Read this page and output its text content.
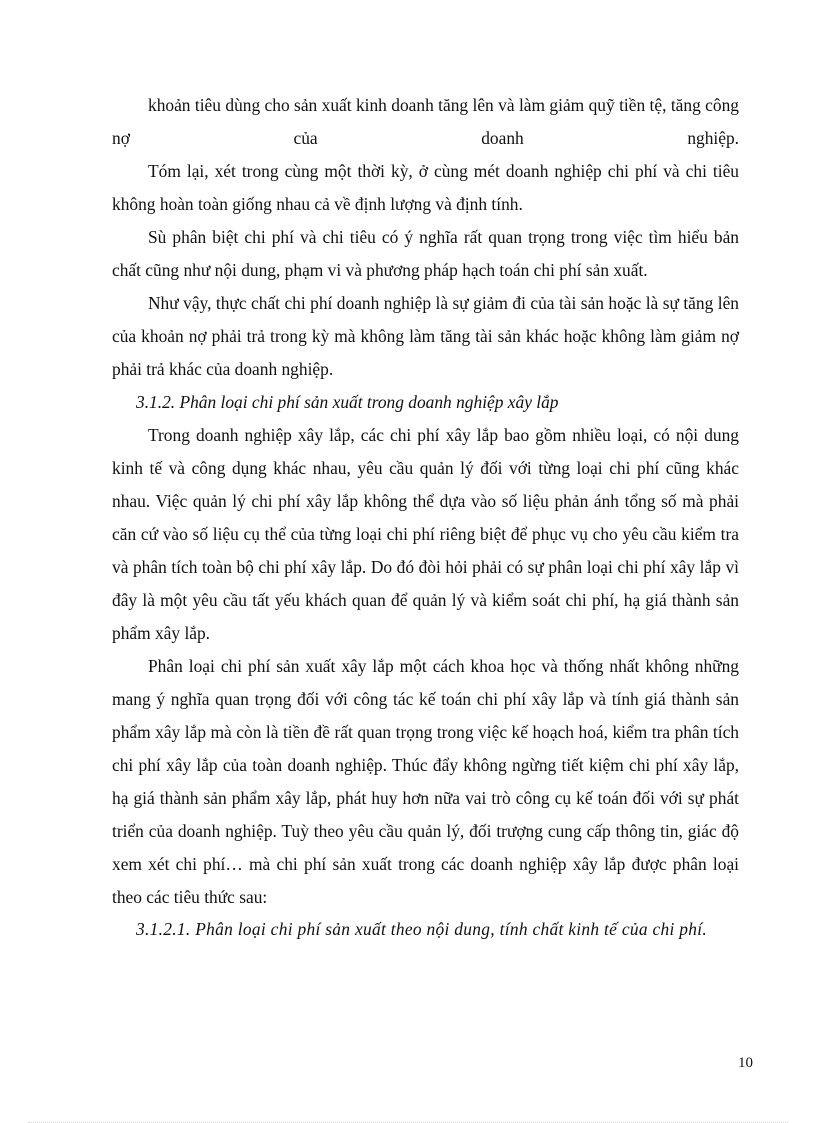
khoản tiêu dùng cho sản xuất kinh doanh tăng lên và làm giảm quỹ tiền tệ, tăng công nợ của doanh nghiệp.

Tóm lại, xét trong cùng một thời kỳ, ở cùng mét doanh nghiệp chi phí và chi tiêu không hoàn toàn giống nhau cả về định lượng và định tính.

Sù phân biệt chi phí và chi tiêu có ý nghĩa rất quan trọng trong việc tìm hiểu bản chất cũng như nội dung, phạm vi và phương pháp hạch toán chi phí sản xuất.

Như vậy, thực chất chi phí doanh nghiệp là sự giảm đi của tài sản hoặc là sự tăng lên của khoản nợ phải trả trong kỳ mà không làm tăng tài sản khác hoặc không làm giảm nợ phải trả khác của doanh nghiệp.

3.1.2. Phân loại chi phí sản xuất trong doanh nghiệp xây lắp

Trong doanh nghiệp xây lắp, các chi phí xây lắp bao gồm nhiều loại, có nội dung kinh tế và công dụng khác nhau, yêu cầu quản lý đối với từng loại chi phí cũng khác nhau. Việc quản lý chi phí xây lắp không thể dựa vào số liệu phản ánh tổng số mà phải căn cứ vào số liệu cụ thể của từng loại chi phí riêng biệt để phục vụ cho yêu cầu kiểm tra và phân tích toàn bộ chi phí xây lắp. Do đó đòi hỏi phải có sự phân loại chi phí xây lắp vì đây là một yêu cầu tất yếu khách quan để quản lý và kiểm soát chi phí, hạ giá thành sản phẩm xây lắp.

Phân loại chi phí sản xuất xây lắp một cách khoa học và thống nhất không những mang ý nghĩa quan trọng đối với công tác kế toán chi phí xây lắp và tính giá thành sản phẩm xây lắp mà còn là tiền đề rất quan trọng trong việc kế hoạch hoá, kiểm tra phân tích chi phí xây lắp của toàn doanh nghiệp. Thúc đẩy không ngừng tiết kiệm chi phí xây lắp, hạ giá thành sản phẩm xây lắp, phát huy hơn nữa vai trò công cụ kế toán đối với sự phát triển của doanh nghiệp. Tuỳ theo yêu cầu quản lý, đối trượng cung cấp thông tin, giác độ xem xét chi phí… mà chi phí sản xuất trong các doanh nghiệp xây lắp được phân loại theo các tiêu thức sau:

3.1.2.1. Phân loại chi phí sản xuất theo nội dung, tính chất kinh tế của chi phí.
10
